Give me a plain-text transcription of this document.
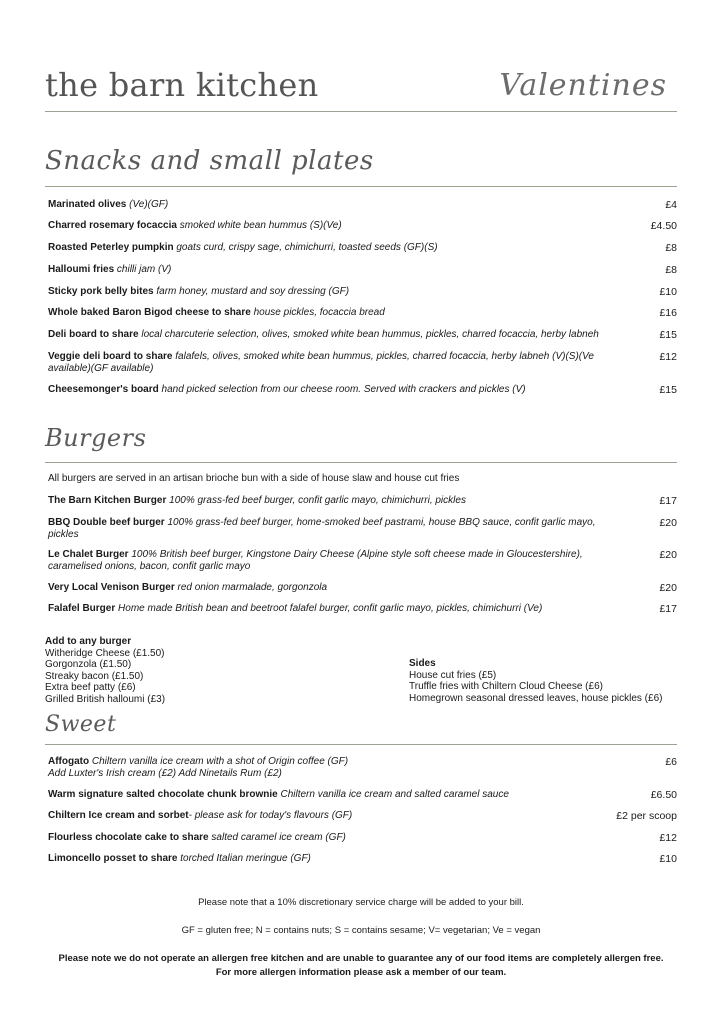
the barn kitchen	Valentines
Snacks and small plates
Marinated olives (Ve)(GF)	£4
Charred rosemary focaccia smoked white bean hummus (S)(Ve)	£4.50
Roasted Peterley pumpkin goats curd, crispy sage, chimichurri, toasted seeds (GF)(S)	£8
Halloumi fries chilli jam (V)	£8
Sticky pork belly bites farm honey, mustard and soy dressing (GF)	£10
Whole baked Baron Bigod cheese to share house pickles, focaccia bread	£16
Deli board to share local charcuterie selection, olives, smoked white bean hummus, pickles, charred focaccia, herby labneh	£15
Veggie deli board to share falafels, olives, smoked white bean hummus, pickles, charred focaccia, herby labneh (V)(S)(Ve available)(GF available)
£12
Cheesemonger's board hand picked selection from our cheese room. Served with crackers and pickles (V)	£15
Burgers
All burgers are served in an artisan brioche bun with a side of house slaw and house cut fries
The Barn Kitchen Burger 100% grass-fed beef burger, confit garlic mayo, chimichurri, pickles	£17
BBQ Double beef burger 100% grass-fed beef burger, home-smoked beef pastrami, house BBQ sauce, confit garlic mayo, pickles
£20
Le Chalet Burger 100% British beef burger, Kingstone Dairy Cheese (Alpine style soft cheese made in Gloucestershire), caramelised onions, bacon, confit garlic mayo
£20
Very Local Venison Burger red onion marmalade, gorgonzola	£20
Falafel Burger Home made British bean and beetroot falafel burger, confit garlic mayo, pickles, chimichurri (Ve)	£17
Add to any burger
Witheridge Cheese (£1.50)
Gorgonzola (£1.50)
Streaky bacon (£1.50)
Extra beef patty (£6)
Grilled British halloumi (£3)
Sides
House cut fries (£5)
Truffle fries with Chiltern Cloud Cheese (£6)
Homegrown seasonal dressed leaves, house pickles (£6)
Sweet
Affogato Chiltern vanilla ice cream with a shot of Origin coffee (GF)
Add Luxter's Irish cream (£2) Add Ninetails Rum (£2)
£6
Warm signature salted chocolate chunk brownie Chiltern vanilla ice cream and salted caramel sauce	£6.50
Chiltern Ice cream and sorbet- please ask for today's flavours (GF)	£2 per scoop
Flourless chocolate cake to share salted caramel ice cream (GF)	£12
Limoncello posset to share torched Italian meringue (GF)	£10
Please note that a 10% discretionary service charge will be added to your bill.
GF = gluten free; N = contains nuts; S = contains sesame; V= vegetarian; Ve = vegan
Please note we do not operate an allergen free kitchen and are unable to guarantee any of our food items are completely allergen free.
For more allergen information please ask a member of our team.
